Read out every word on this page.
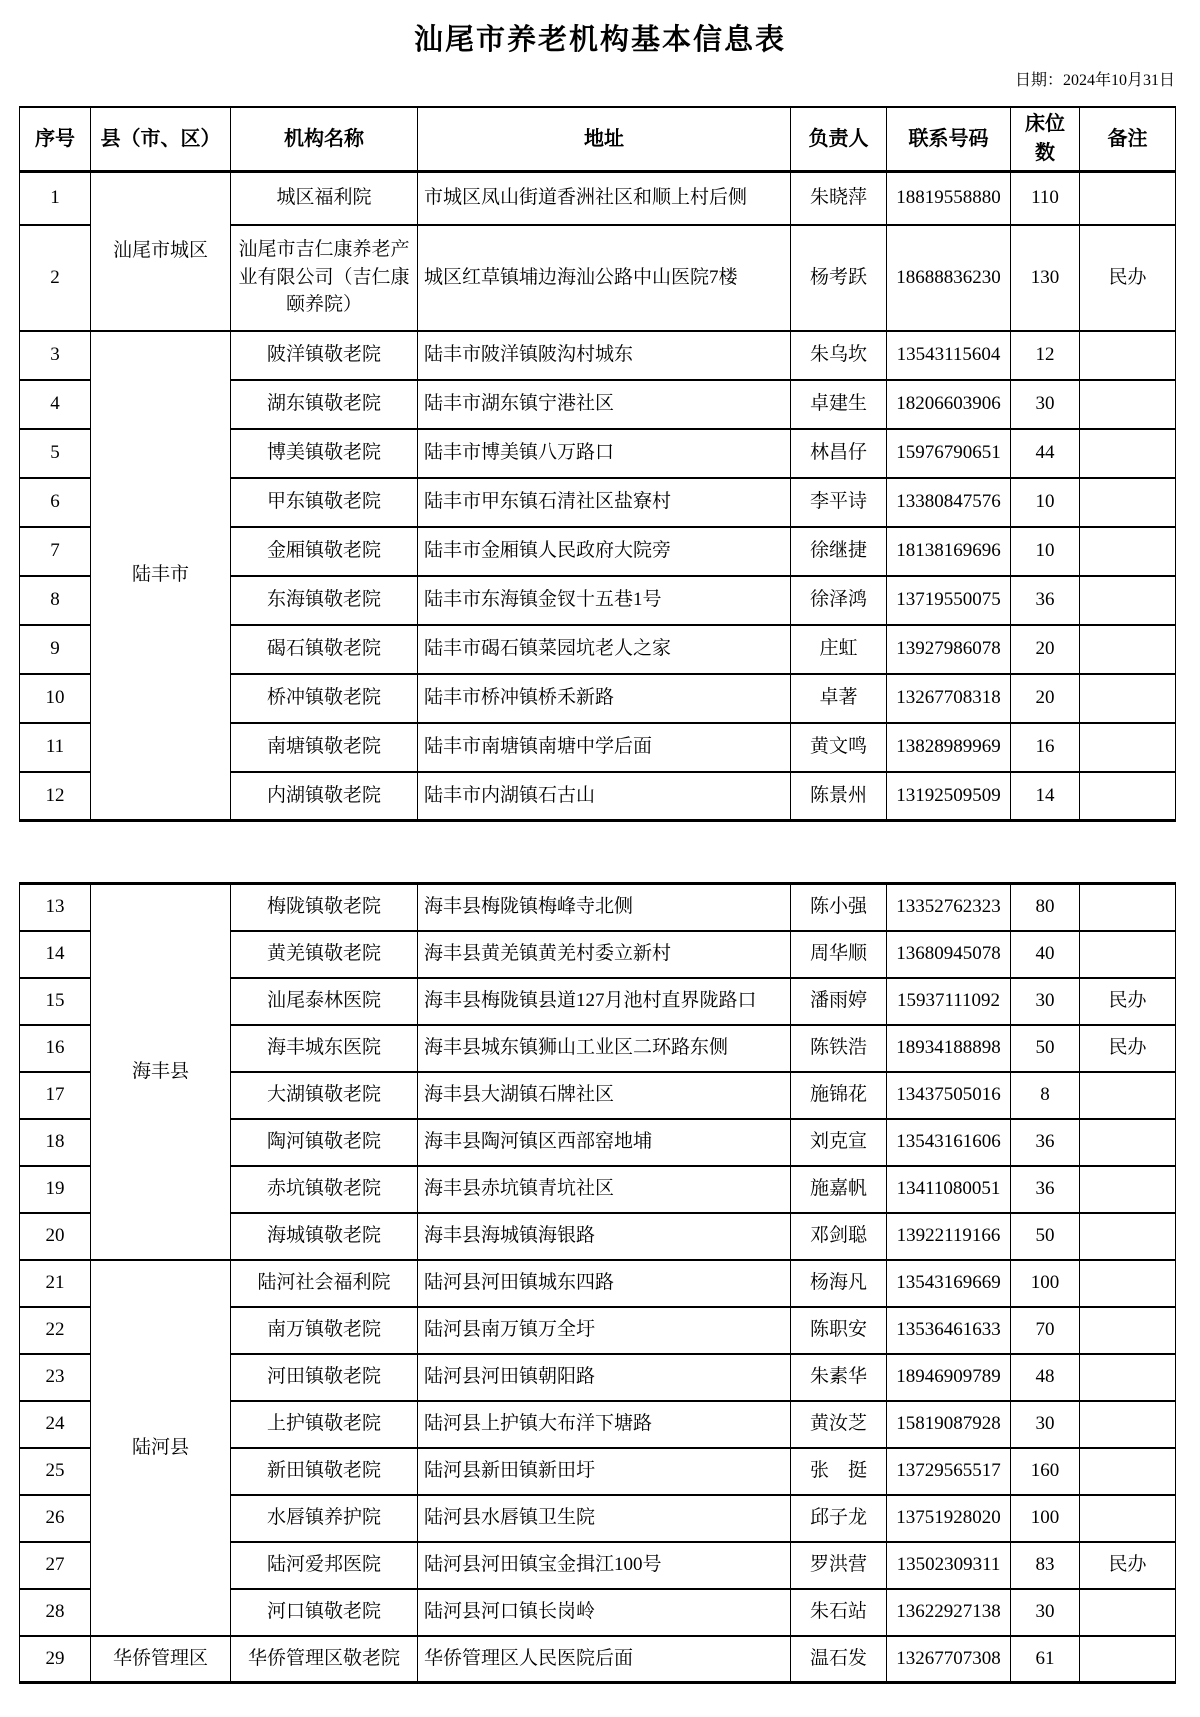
汕尾市养老机构基本信息表
日期：2024年10月31日
序号	县（市、区）	机构名称	地址	负责人	联系号码	床位数	备注
1	汕尾市城区	城区福利院	市城区凤山街道香洲社区和顺上村后侧	朱晓萍	18819558880	110	
2		汕尾市吉仁康养老产业有限公司（吉仁康颐养院）	城区红草镇埔边海汕公路中山医院7楼	杨考跃	18688836230	130	民办
3	陆丰市	陂洋镇敬老院	陆丰市陂洋镇陂沟村城东	朱乌坎	13543115604	12	
4		湖东镇敬老院	陆丰市湖东镇宁港社区	卓建生	18206603906	30	
5		博美镇敬老院	陆丰市博美镇八万路口	林昌仔	15976790651	44	
6		甲东镇敬老院	陆丰市甲东镇石清社区盐寮村	李平诗	13380847576	10	
7		金厢镇敬老院	陆丰市金厢镇人民政府大院旁	徐继捷	18138169696	10	
8		东海镇敬老院	陆丰市东海镇金钗十五巷1号	徐泽鸿	13719550075	36	
9		碣石镇敬老院	陆丰市碣石镇菜园坑老人之家	庄虹	13927986078	20	
10		桥冲镇敬老院	陆丰市桥冲镇桥禾新路	卓著	13267708318	20	
11		南塘镇敬老院	陆丰市南塘镇南塘中学后面	黄文鸣	13828989969	16	
12		内湖镇敬老院	陆丰市内湖镇石古山	陈景州	13192509509	14	
13	海丰县	梅陇镇敬老院	海丰县梅陇镇梅峰寺北侧	陈小强	13352762323	80	
14		黄羌镇敬老院	海丰县黄羌镇黄羌村委立新村	周华顺	13680945078	40	
15		汕尾泰林医院	海丰县梅陇镇县道127月池村直界陇路口	潘雨婷	15937111092	30	民办
16		海丰城东医院	海丰县城东镇狮山工业区二环路东侧	陈铁浩	18934188898	50	民办
17		大湖镇敬老院	海丰县大湖镇石牌社区	施锦花	13437505016	8	
18		陶河镇敬老院	海丰县陶河镇区西部窑地埔	刘克宣	13543161606	36	
19		赤坑镇敬老院	海丰县赤坑镇青坑社区	施嘉帆	13411080051	36	
20		海城镇敬老院	海丰县海城镇海银路	邓剑聪	13922119166	50	
21	陆河县	陆河社会福利院	陆河县河田镇城东四路	杨海凡	13543169669	100	
22		南万镇敬老院	陆河县南万镇万全圩	陈职安	13536461633	70	
23		河田镇敬老院	陆河县河田镇朝阳路	朱素华	18946909789	48	
24		上护镇敬老院	陆河县上护镇大布洋下塘路	黄汝芝	15819087928	30	
25		新田镇敬老院	陆河县新田镇新田圩	张　挺	13729565517	160	
26		水唇镇养护院	陆河县水唇镇卫生院	邱子龙	13751928020	100	
27		陆河爱邦医院	陆河县河田镇宝金揖江100号	罗洪营	13502309311	83	民办
28		河口镇敬老院	陆河县河口镇长岗岭	朱石站	13622927138	30	
29	华侨管理区	华侨管理区敬老院	华侨管理区人民医院后面	温石发	13267707308	61	
